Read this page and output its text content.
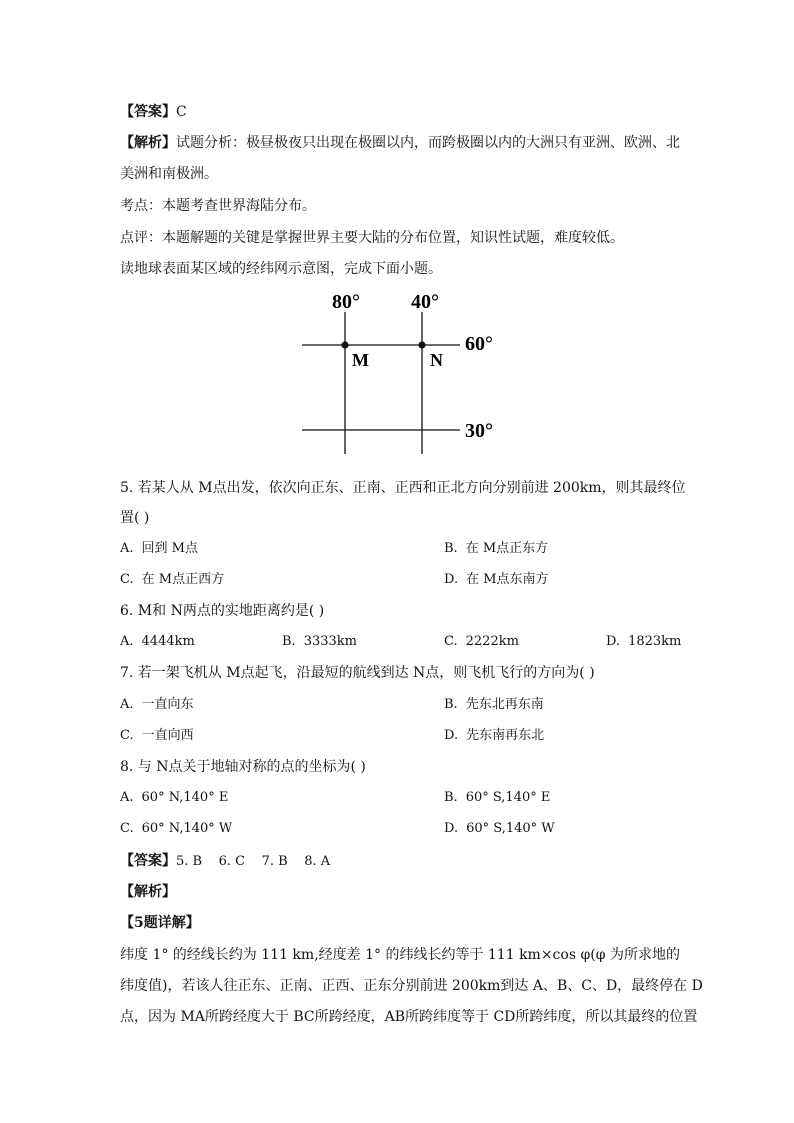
【答案】C
【解析】试题分析：极昼极夜只出现在极圈以内，而跨极圈以内的大洲只有亚洲、欧洲、北
美洲和南极洲。
考点：本题考查世界海陆分布。
点评：本题解题的关键是掌握世界主要大陆的分布位置，知识性试题，难度较低。
读地球表面某区域的经纬网示意图，完成下面小题。
80°	40°
60°
30°
M	N
5. 若某人从 M点出发，依次向正东、正南、正西和正北方向分别前进 200km，则其最终位
置( )
A. 回到 M点	B. 在 M点正东方
C. 在 M点正西方	D. 在 M点东南方
6. M和 N两点的实地距离约是( )
A. 4444km	B. 3333km	C. 2222km	D. 1823km
7. 若一架飞机从 M点起飞，沿最短的航线到达 N点，则飞机飞行的方向为( )
A. 一直向东	B. 先东北再东南
C. 一直向西	D. 先东南再东北
8. 与 N点关于地轴对称的点的坐标为( )
A. 60° N,140° E	B. 60° S,140° E
C. 60° N,140° W	D. 60° S,140° W
【答案】5. B    6. C    7. B    8. A
【解析】
【5题详解】
纬度 1° 的经线长约为 111 km,经度差 1° 的纬线长约等于 111 km×cos φ(φ 为所求地的
纬度值)，若该人往正东、正南、正西、正东分别前进 200km到达 A、B、C、D，最终停在 D
点，因为 MA所跨经度大于 BC所跨经度，AB所跨纬度等于 CD所跨纬度，所以其最终的位置
